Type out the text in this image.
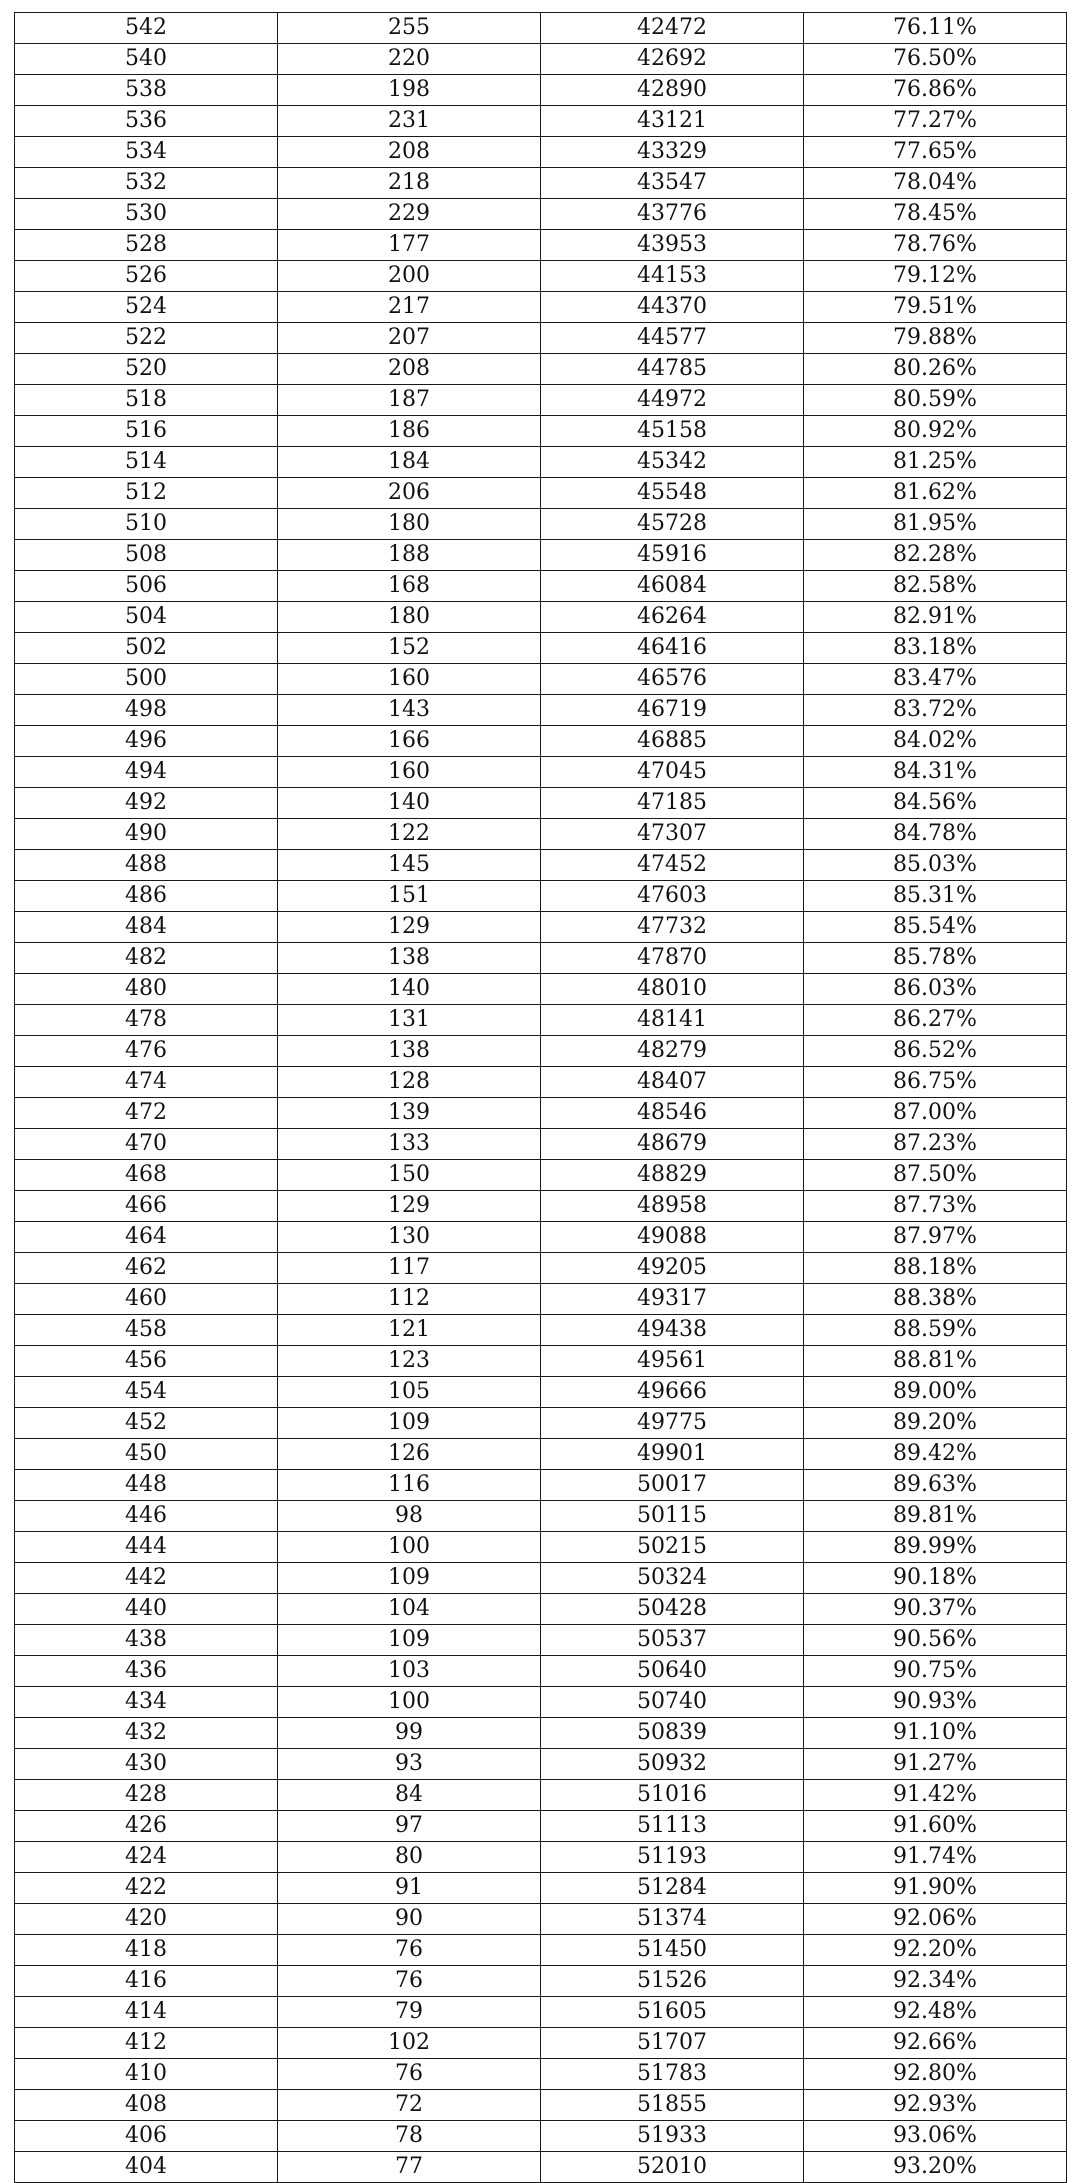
542	255	42472	76.11%
540	220	42692	76.50%
538	198	42890	76.86%
536	231	43121	77.27%
534	208	43329	77.65%
532	218	43547	78.04%
530	229	43776	78.45%
528	177	43953	78.76%
526	200	44153	79.12%
524	217	44370	79.51%
522	207	44577	79.88%
520	208	44785	80.26%
518	187	44972	80.59%
516	186	45158	80.92%
514	184	45342	81.25%
512	206	45548	81.62%
510	180	45728	81.95%
508	188	45916	82.28%
506	168	46084	82.58%
504	180	46264	82.91%
502	152	46416	83.18%
500	160	46576	83.47%
498	143	46719	83.72%
496	166	46885	84.02%
494	160	47045	84.31%
492	140	47185	84.56%
490	122	47307	84.78%
488	145	47452	85.03%
486	151	47603	85.31%
484	129	47732	85.54%
482	138	47870	85.78%
480	140	48010	86.03%
478	131	48141	86.27%
476	138	48279	86.52%
474	128	48407	86.75%
472	139	48546	87.00%
470	133	48679	87.23%
468	150	48829	87.50%
466	129	48958	87.73%
464	130	49088	87.97%
462	117	49205	88.18%
460	112	49317	88.38%
458	121	49438	88.59%
456	123	49561	88.81%
454	105	49666	89.00%
452	109	49775	89.20%
450	126	49901	89.42%
448	116	50017	89.63%
446	98	50115	89.81%
444	100	50215	89.99%
442	109	50324	90.18%
440	104	50428	90.37%
438	109	50537	90.56%
436	103	50640	90.75%
434	100	50740	90.93%
432	99	50839	91.10%
430	93	50932	91.27%
428	84	51016	91.42%
426	97	51113	91.60%
424	80	51193	91.74%
422	91	51284	91.90%
420	90	51374	92.06%
418	76	51450	92.20%
416	76	51526	92.34%
414	79	51605	92.48%
412	102	51707	92.66%
410	76	51783	92.80%
408	72	51855	92.93%
406	78	51933	93.06%
404	77	52010	93.20%
